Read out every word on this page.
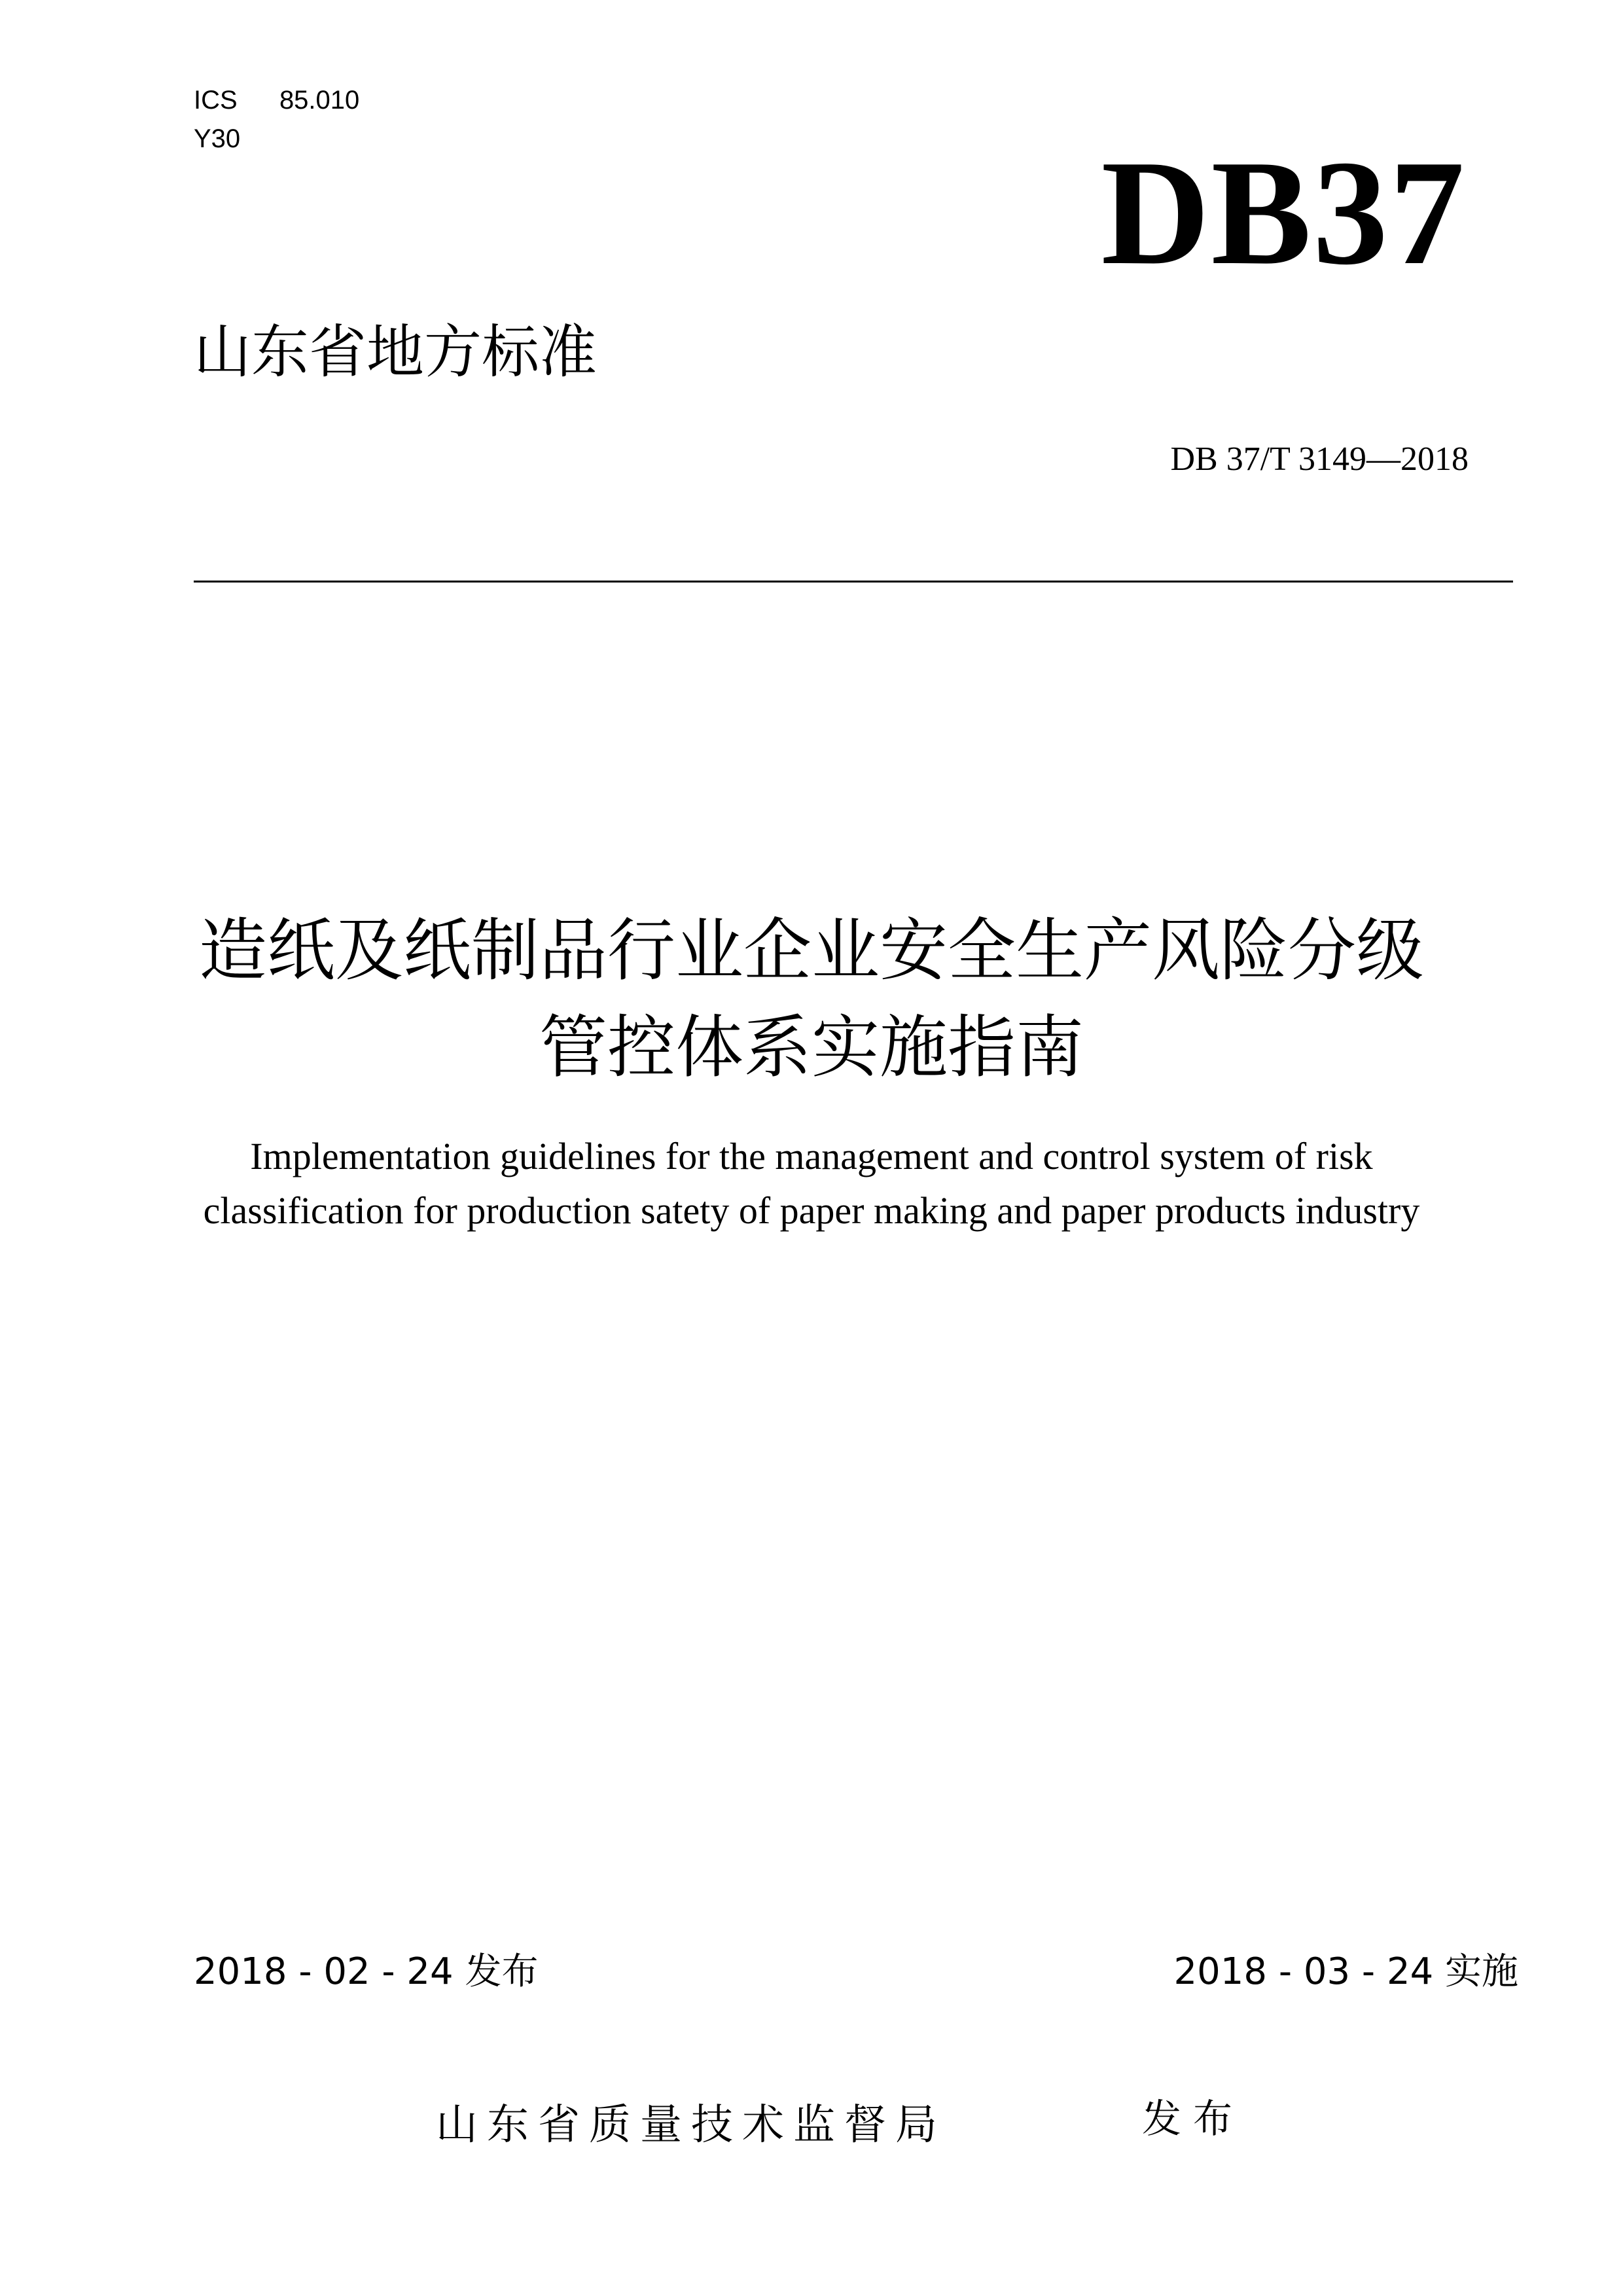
ICS 85.010
Y30	DB37
山东省地方标准
DB 37/T 3149—2018
造纸及纸制品行业企业安全生产风险分级
管控体系实施指南
Implementation guidelines for the management and control system of risk
classification for production satety of paper making and paper products industry
2018 - 02 - 24 发布	2018 - 03 - 24 实施
山东省质量技术监督局	发布
